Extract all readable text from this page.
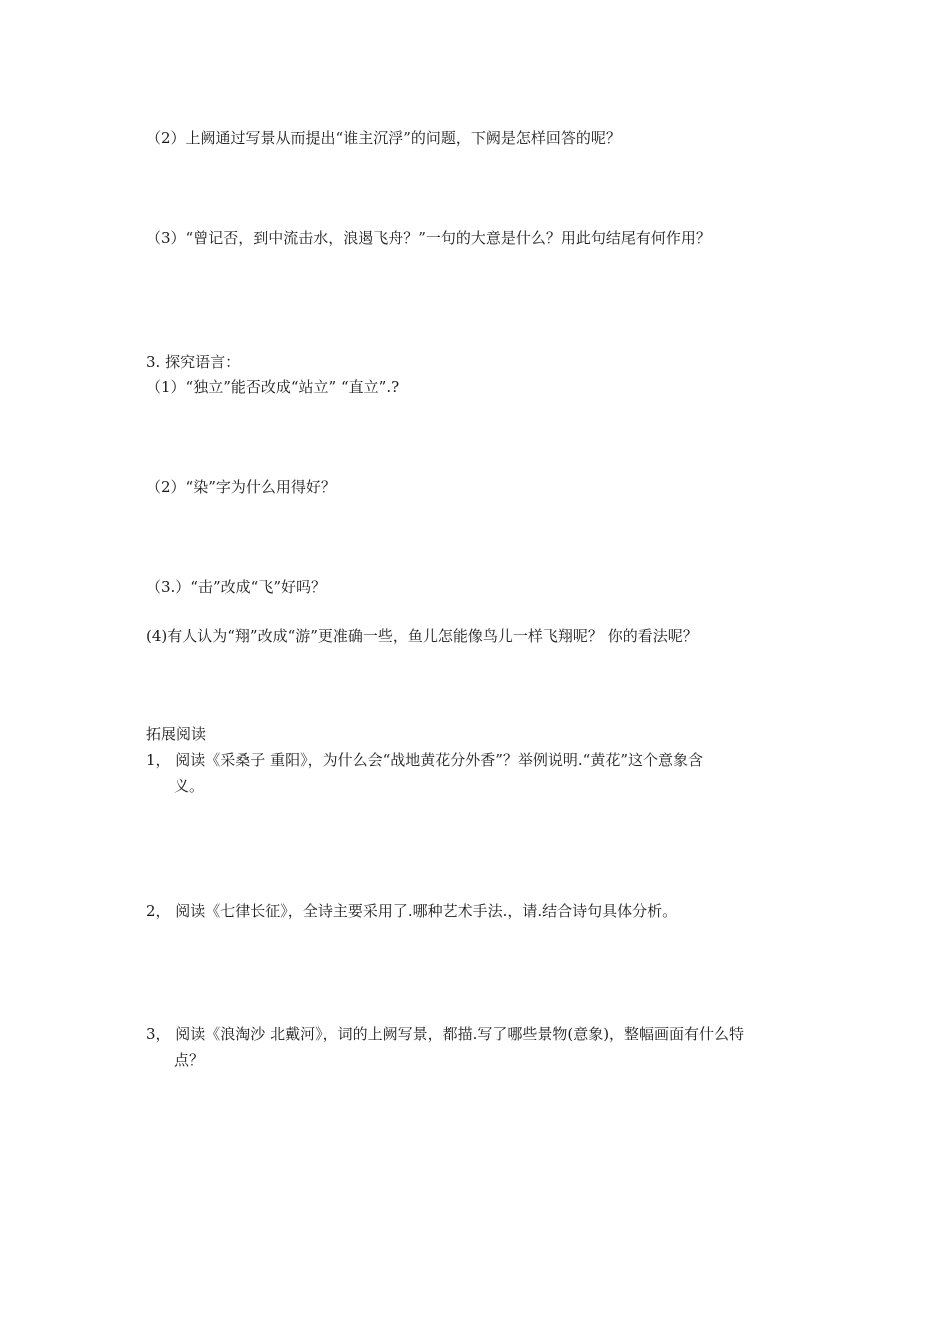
（2）上阙通过写景从而提出“谁主沉浮”的问题，下阙是怎样回答的呢？

（3）“曾记否，到中流击水，浪遏飞舟？”一句的大意是什么？用此句结尾有何作用？

3. 探究语言：

（1）“独立”能否改成“站立” “直立”.?

（2）“染”字为什么用得好？

（3.）“击”改成“飞”好吗？

(4)有人认为“翔”改成“游”更准确一些，鱼儿怎能像鸟儿一样飞翔呢？ 你的看法呢？

拓展阅读

1， 阅读《采桑子 重阳》，为什么会“战地黄花分外香”？举例说明.“黄花”这个意象含

义。

2， 阅读《七律长征》，全诗主要采用了.哪种艺术手法.，请.结合诗句具体分析。

3， 阅读《浪淘沙 北戴河》，词的上阙写景，都描.写了哪些景物(意象)，整幅画面有什么特

点？
